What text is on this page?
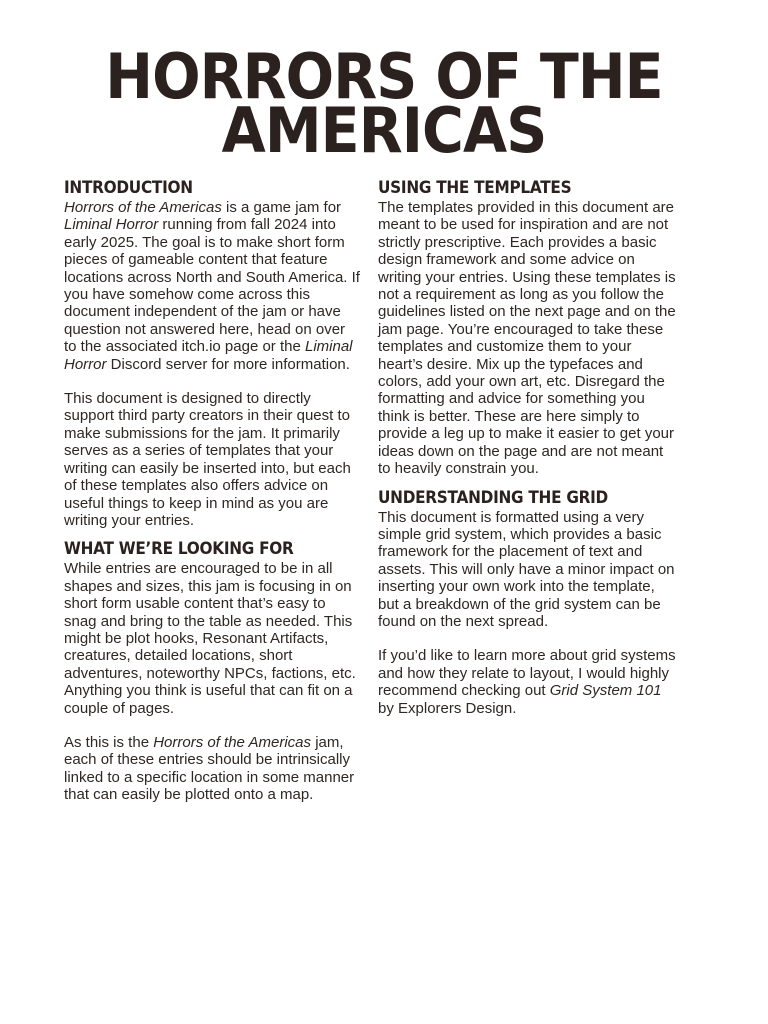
HORRORS OF THE
AMERICAS
INTRODUCTION

Horrors of the Americas is a game jam for Liminal Horror running from fall 2024 into early 2025. The goal is to make short form pieces of gameable content that feature locations across North and South America. If you have somehow come across this document independent of the jam or have question not answered here, head on over to the associated itch.io page or the Liminal Horror Discord server for more information.

This document is designed to directly support third party creators in their quest to make submissions for the jam. It primarily serves as a series of templates that your writing can easily be inserted into, but each of these templates also offers advice on useful things to keep in mind as you are writing your entries.

WHAT WE’RE LOOKING FOR

While entries are encouraged to be in all shapes and sizes, this jam is focusing in on short form usable content that’s easy to snag and bring to the table as needed. This might be plot hooks, Resonant Artifacts, creatures, detailed locations, short adventures, noteworthy NPCs, factions, etc. Anything you think is useful that can fit on a couple of pages.

As this is the Horrors of the Americas jam, each of these entries should be intrinsically linked to a specific location in some manner that can easily be plotted onto a map.

USING THE TEMPLATES

The templates provided in this document are meant to be used for inspiration and are not strictly prescriptive. Each provides a basic design framework and some advice on writing your entries. Using these templates is not a requirement as long as you follow the guidelines listed on the next page and on the jam page. You’re encouraged to take these templates and customize them to your heart’s desire. Mix up the typefaces and colors, add your own art, etc. Disregard the formatting and advice for something you think is better. These are here simply to provide a leg up to make it easier to get your ideas down on the page and are not meant to heavily constrain you.

UNDERSTANDING THE GRID

This document is formatted using a very simple grid system, which provides a basic framework for the placement of text and assets. This will only have a minor impact on inserting your own work into the template, but a breakdown of the grid system can be found on the next spread.

If you’d like to learn more about grid systems and how they relate to layout, I would highly recommend checking out Grid System 101 by Explorers Design.
